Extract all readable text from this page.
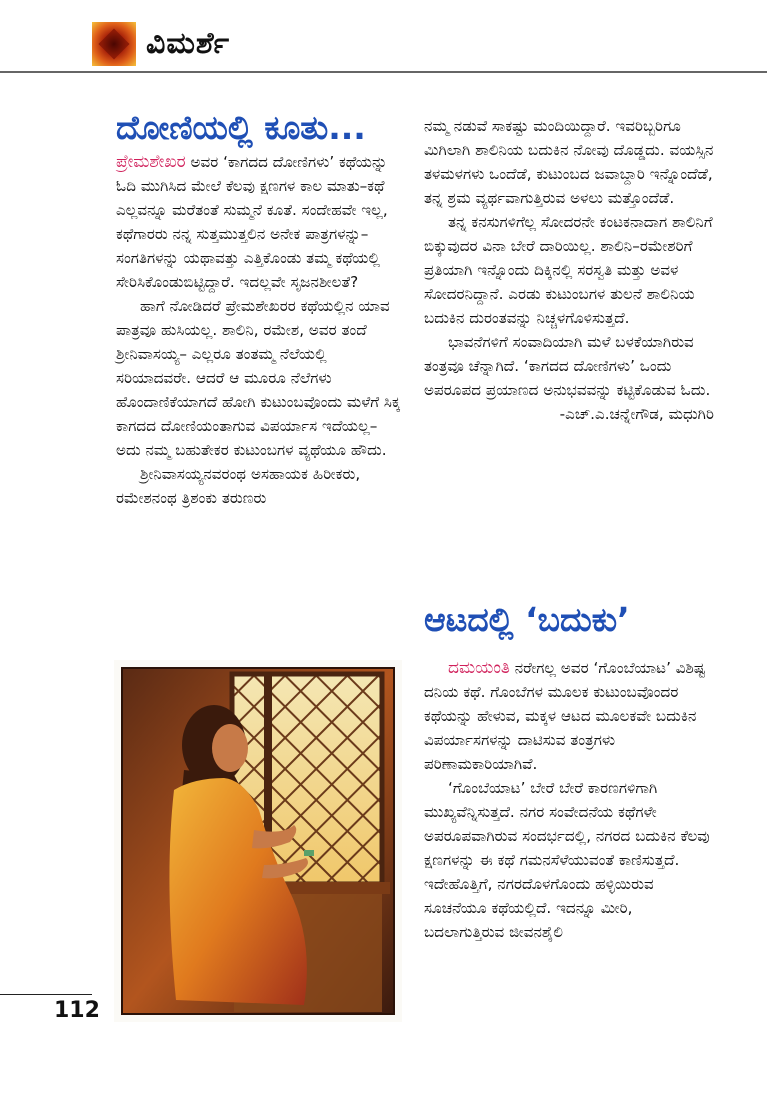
ವಿಮರ್ಶೆ
ದೋಣಿಯಲ್ಲಿ ಕೂತು...

ಪ್ರೇಮಶೇಖರ ಅವರ ‘ಕಾಗದದ ದೋಣಿಗಳು’ ಕಥೆಯನ್ನು ಓದಿ ಮುಗಿಸಿದ ಮೇಲೆ ಕೆಲವು ಕ್ಷಣಗಳ ಕಾಲ ಮಾತು–ಕಥೆ ಎಲ್ಲವನ್ನೂ ಮರೆತಂತೆ ಸುಮ್ಮನೆ ಕೂತೆ. ಸಂದೇಹವೇ ಇಲ್ಲ, ಕಥೆಗಾರರು ನನ್ನ ಸುತ್ತಮುತ್ತಲಿನ ಅನೇಕ ಪಾತ್ರಗಳನ್ನು–ಸಂಗತಿಗಳನ್ನು ಯಥಾವತ್ತು ಎತ್ತಿಕೊಂಡು ತಮ್ಮ ಕಥೆಯಲ್ಲಿ ಸೇರಿಸಿಕೊಂಡುಬಿಟ್ಟಿದ್ದಾರೆ. ಇದಲ್ಲವೇ ಸೃಜನಶೀಲತೆ?

ಹಾಗೆ ನೋಡಿದರೆ ಪ್ರೇಮಶೇಖರರ ಕಥೆಯಲ್ಲಿನ ಯಾವ ಪಾತ್ರವೂ ಹುಸಿಯಲ್ಲ. ಶಾಲಿನಿ, ರಮೇಶ, ಅವರ ತಂದೆ ಶ್ರೀನಿವಾಸಯ್ಯ– ಎಲ್ಲರೂ ತಂತಮ್ಮ ನೆಲೆಯಲ್ಲಿ ಸರಿಯಾದವರೇ. ಆದರೆ ಆ ಮೂರೂ ನೆಲೆಗಳು ಹೊಂದಾಣಿಕೆಯಾಗದೆ ಹೋಗಿ ಕುಟುಂಬವೊಂದು ಮಳೆಗೆ ಸಿಕ್ಕ ಕಾಗದದ ದೋಣಿಯಂತಾಗುವ ವಿಪರ್ಯಾಸ ಇದೆಯಲ್ಲ– ಅದು ನಮ್ಮ ಬಹುತೇಕರ ಕುಟುಂಬಗಳ ವ್ಯಥೆಯೂ ಹೌದು.

ಶ್ರೀನಿವಾಸಯ್ಯನವರಂಥ ಅಸಹಾಯಕ ಹಿರೀಕರು, ರಮೇಶನಂಥ ತ್ರಿಶಂಕು ತರುಣರು

ನಮ್ಮ ನಡುವೆ ಸಾಕಷ್ಟು ಮಂದಿಯಿದ್ದಾರೆ. ಇವರಿಬ್ಬರಿಗೂ ಮಿಗಿಲಾಗಿ ಶಾಲಿನಿಯ ಬದುಕಿನ ನೋವು ದೊಡ್ಡದು. ವಯಸ್ಸಿನ ತಳಮಳಗಳು ಒಂದೆಡೆ, ಕುಟುಂಬದ ಜವಾಬ್ದಾರಿ ಇನ್ನೊಂದೆಡೆ, ತನ್ನ ಶ್ರಮ ವ್ಯರ್ಥವಾಗುತ್ತಿರುವ ಅಳಲು ಮತ್ತೊಂದೆಡೆ.

ತನ್ನ ಕನಸುಗಳಿಗೆಲ್ಲ ಸೋದರನೇ ಕಂಟಕನಾದಾಗ ಶಾಲಿನಿಗೆ ಬಿಕ್ಕುವುದರ ವಿನಾ ಬೇರೆ ದಾರಿಯಿಲ್ಲ. ಶಾಲಿನಿ–ರಮೇಶರಿಗೆ ಪ್ರತಿಯಾಗಿ ಇನ್ನೊಂದು ದಿಕ್ಕಿನಲ್ಲಿ ಸರಸ್ವತಿ ಮತ್ತು ಅವಳ ಸೋದರನಿದ್ದಾನೆ. ಎರಡು ಕುಟುಂಬಗಳ ತುಲನೆ ಶಾಲಿನಿಯ ಬದುಕಿನ ದುರಂತವನ್ನು ನಿಚ್ಚಳಗೊಳಿಸುತ್ತದೆ.

ಭಾವನೆಗಳಿಗೆ ಸಂವಾದಿಯಾಗಿ ಮಳೆ ಬಳಕೆಯಾಗಿರುವ ತಂತ್ರವೂ ಚೆನ್ನಾಗಿದೆ. ‘ಕಾಗದದ ದೋಣಿಗಳು’ ಒಂದು ಅಪರೂಪದ ಪ್ರಯಾಣದ ಅನುಭವವನ್ನು ಕಟ್ಟಿಕೊಡುವ ಓದು.

-ಎಚ್.ಎ.ಚನ್ನೇಗೌಡ, ಮಧುಗಿರಿ

ಆಟದಲ್ಲಿ ‘ಬದುಕು’

ದಮಯಂತಿ ನರೇಗಲ್ಲ ಅವರ ‘ಗೊಂಬೆಯಾಟ’ ವಿಶಿಷ್ಟ ದನಿಯ ಕಥೆ. ಗೊಂಬೆಗಳ ಮೂಲಕ ಕುಟುಂಬವೊಂದರ ಕಥೆಯನ್ನು ಹೇಳುವ, ಮಕ್ಕಳ ಆಟದ ಮೂಲಕವೇ ಬದುಕಿನ ವಿಪರ್ಯಾಸಗಳನ್ನು ದಾಟಿಸುವ ತಂತ್ರಗಳು ಪರಿಣಾಮಕಾರಿಯಾಗಿವೆ.

‘ಗೊಂಬೆಯಾಟ’ ಬೇರೆ ಬೇರೆ ಕಾರಣಗಳಿಗಾಗಿ ಮುಖ್ಯವೆನ್ನಿಸುತ್ತದೆ. ನಗರ ಸಂವೇದನೆಯ ಕಥೆಗಳೇ ಅಪರೂಪವಾಗಿರುವ ಸಂದರ್ಭದಲ್ಲಿ, ನಗರದ ಬದುಕಿನ ಕೆಲವು ಕ್ಷಣಗಳನ್ನು ಈ ಕಥೆ ಗಮನಸೆಳೆಯುವಂತೆ ಕಾಣಿಸುತ್ತದೆ. ಇದೇಹೊತ್ತಿಗೆ, ನಗರದೊಳಗೊಂದು ಹಳ್ಳಿಯಿರುವ ಸೂಚನೆಯೂ ಕಥೆಯಲ್ಲಿದೆ. ಇದನ್ನೂ ಮೀರಿ, ಬದಲಾಗುತ್ತಿರುವ ಜೀವನಶೈಲಿ

112
